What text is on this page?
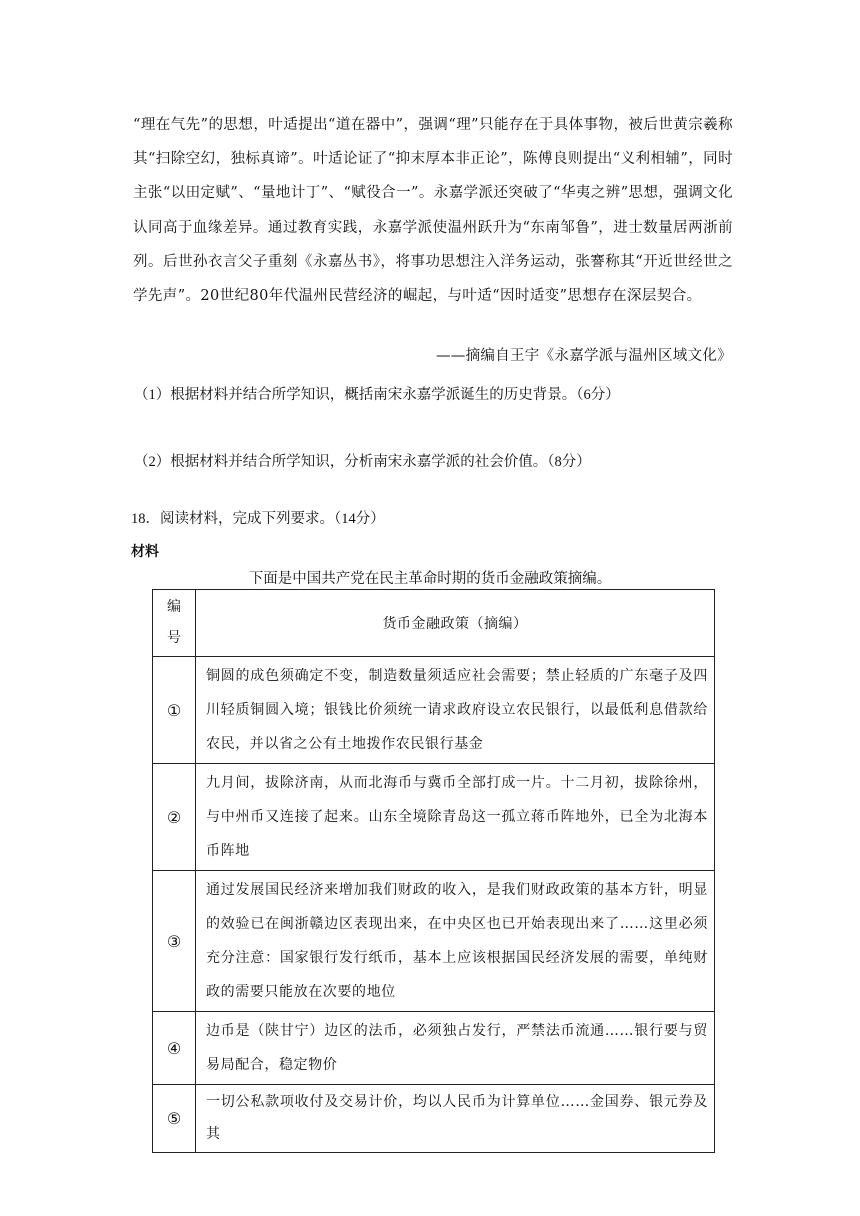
“理在气先”的思想，叶适提出“道在器中”，强调“理”只能存在于具体事物，被后世黄宗羲称其“扫除空幻，独标真谛”。叶适论证了“抑末厚本非正论”，陈傅良则提出“义利相辅”，同时主张“以田定赋”、“量地计丁”、“赋役合一”。永嘉学派还突破了“华夷之辨”思想，强调文化认同高于血缘差异。通过教育实践，永嘉学派使温州跃升为“东南邹鲁”，进士数量居两浙前列。后世孙衣言父子重刻《永嘉丛书》，将事功思想注入洋务运动，张謇称其“开近世经世之学先声”。20世纪80年代温州民营经济的崛起，与叶适“因时适变”思想存在深层契合。

——摘编自王宇《永嘉学派与温州区域文化》
（1）根据材料并结合所学知识，概括南宋永嘉学派诞生的历史背景。（6分）
（2）根据材料并结合所学知识，分析南宋永嘉学派的社会价值。（8分）
18．阅读材料，完成下列要求。（14分）
材料
下面是中国共产党在民主革命时期的货币金融政策摘编。
编
号	货币金融政策（摘编）
①	铜圆的成色须确定不变，制造数量须适应社会需要；禁止轻质的广东毫子及四川轻质铜圆入境；银钱比价须统一请求政府设立农民银行，以最低利息借款给农民，并以省之公有土地拨作农民银行基金
②	九月间，拔除济南，从而北海币与冀币全部打成一片。十二月初，拔除徐州，与中州币又连接了起来。山东全境除青岛这一孤立蒋币阵地外，已全为北海本币阵地
③	通过发展国民经济来增加我们财政的收入，是我们财政政策的基本方针，明显的效验已在闽浙赣边区表现出来，在中央区也已开始表现出来了……这里必须充分注意：国家银行发行纸币，基本上应该根据国民经济发展的需要，单纯财政的需要只能放在次要的地位
④	边币是（陕甘宁）边区的法币，必须独占发行，严禁法币流通……银行要与贸易局配合，稳定物价
⑤	一切公私款项收付及交易计价，均以人民币为计算单位……金国券、银元券及其
